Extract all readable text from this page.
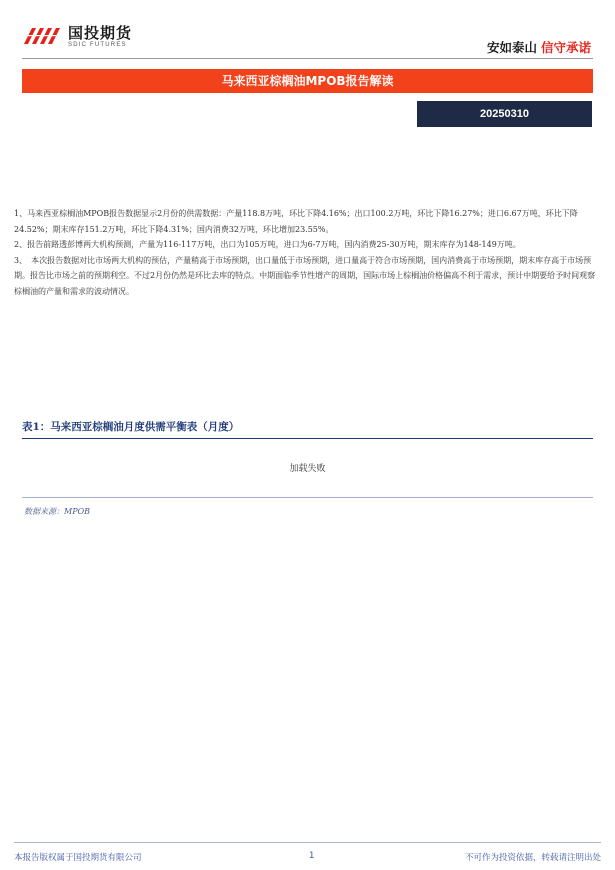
国投期货
SDIC FUTURES	安如泰山 信守承诺
马来西亚棕榈油MPOB报告解读
20250310

1、马来西亚棕榈油MPOB报告数据显示2月份的供需数据：产量118.8万吨，环比下降4.16%；出口100.2万吨，环比下降16.27%；进口6.67万吨，环比下降24.52%；期末库存151.2万吨，环比下降4.31%；国内消费32万吨，环比增加23.55%。

2、报告前路透彭博两大机构预测，产量为116-117万吨，出口为105万吨，进口为6-7万吨，国内消费25-30万吨，期末库存为148-149万吨。

3、　本次报告数据对比市场两大机构的预估，产量稍高于市场预期，出口量低于市场预期，进口量高于符合市场预期，国内消费高于市场预期，期末库存高于市场预期。报告比市场之前的预期利空。不过2月份仍然是环比去库的特点。中期面临季节性增产的周期，国际市场上棕榈油价格偏高不利于需求，预计中期要给予时间观察棕榈油的产量和需求的波动情况。

表1：马来西亚棕榈油月度供需平衡表（月度）
加载失败
数据来源：MPOB
本报告版权属于国投期货有限公司	1	不可作为投资依据，转载请注明出处
